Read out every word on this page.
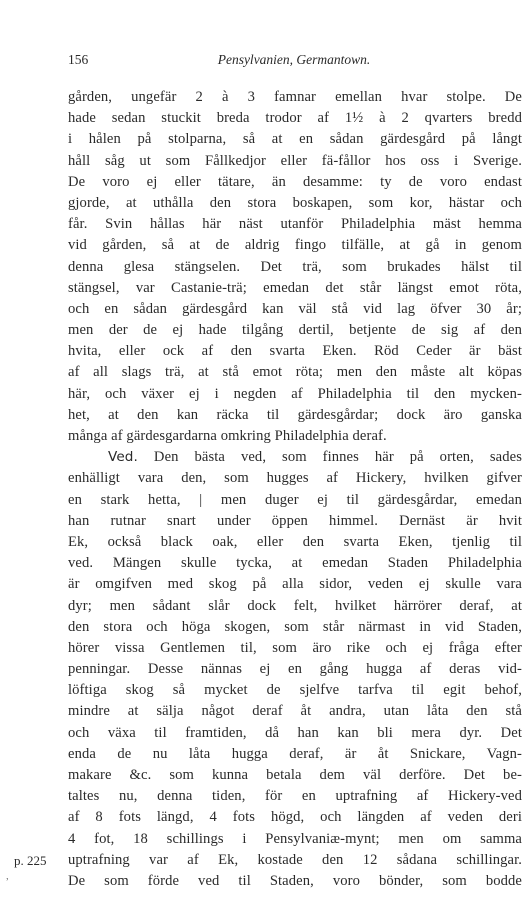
156	Pensylvanien, Germantown.
p. 225
gården, ungefär 2 à 3 famnar emellan hvar stolpe. De
hade sedan stuckit breda trodor af 1½ à 2 qvarters bredd
i hålen på stolparna, så at en sådan gärdesgård på långt
håll såg ut som Fållkedjor eller fä-fållor hos oss i Sverige.
De voro ej eller tätare, än desamme: ty de voro endast
gjorde, at uthålla den stora boskapen, som kor, hästar och
får. Svin hållas här näst utanför Philadelphia mäst hemma
vid gården, så at de aldrig fingo tilfälle, at gå in genom
denna glesa stängselen. Det trä, som brukades hälst til
stängsel, var Castanie-trä; emedan det står längst emot röta,
och en sådan gärdesgård kan väl stå vid lag öfver 30 år;
men der de ej hade tilgång dertil, betjente de sig af den
hvita, eller ock af den svarta Eken. Röd Ceder är bäst
af all slags trä, at stå emot röta; men den måste alt köpas
här, och växer ej i negden af Philadelphia til den mycken-
het, at den kan räcka til gärdesgårdar; dock äro ganska
många af gärdesgardarna omkring Philadelphia deraf.
Ved. Den bästa ved, som finnes här på orten, sades
enhälligt vara den, som hugges af Hickery, hvilken gifver
en stark hetta, | men duger ej til gärdesgårdar, emedan
han rutnar snart under öppen himmel. Dernäst är hvit
Ek, också black oak, eller den svarta Eken, tjenlig til
ved. Mängen skulle tycka, at emedan Staden Philadelphia
är omgifven med skog på alla sidor, veden ej skulle vara
dyr; men sådant slår dock felt, hvilket härrörer deraf, at
den stora och höga skogen, som står närmast in vid Staden,
hörer vissa Gentlemen til, som äro rike och ej fråga efter
penningar. Desse nännas ej en gång hugga af deras vid-
löftiga skog så mycket de sjelfve tarfva til egit behof,
mindre at sälja något deraf åt andra, utan låta den stå
och växa til framtiden, då han kan bli mera dyr. Det
enda de nu låta hugga deraf, är åt Snickare, Vagn-
makare &c. som kunna betala dem väl derföre. Det be-
taltes nu, denna tiden, för en uptrafning af Hickery-ved
af 8 fots längd, 4 fots högd, och längden af veden deri
4 fot, 18 schillings i Pensylvaniæ-mynt; men om samma
uptrafning var af Ek, kostade den 12 sådana schillingar.
De som förde ved til Staden, voro bönder, som bodde
,
